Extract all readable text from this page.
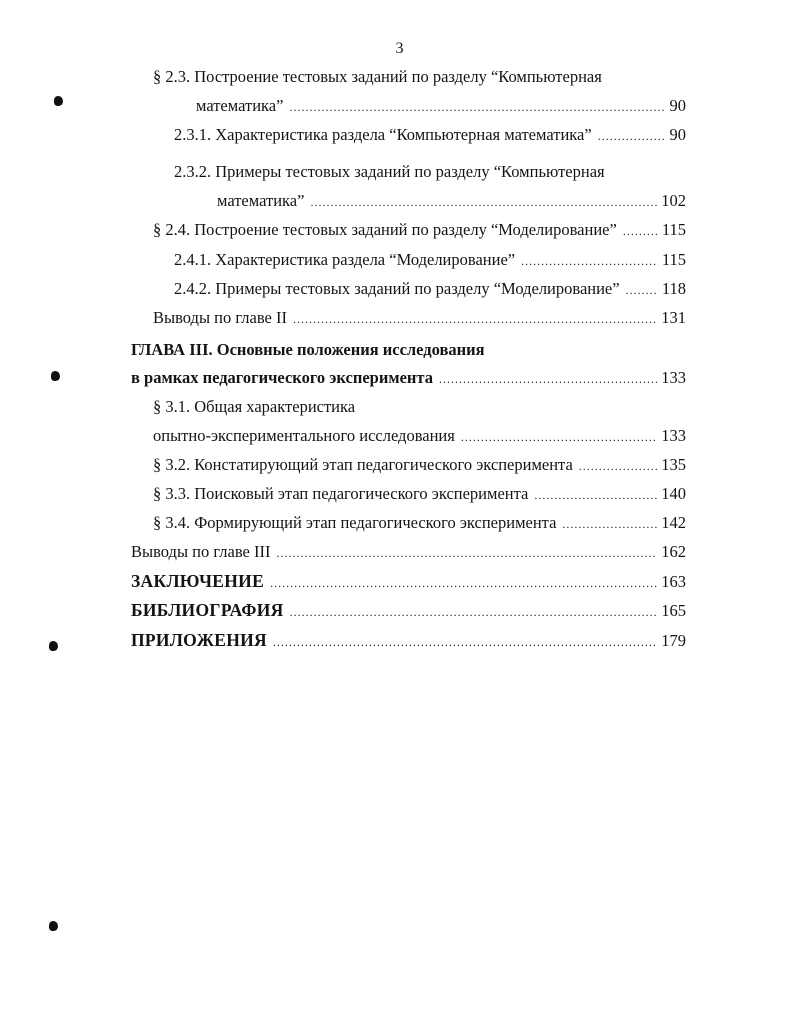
3
§ 2.3. Построение тестовых заданий по разделу “Компьютерная
математика” .....	90
2.3.1. Характеристика раздела “Компьютерная математика” .....	90
2.3.2. Примеры тестовых заданий по разделу “Компьютерная
математика” .....	102
§ 2.4. Построение тестовых заданий по разделу “Моделирование” .....	115
2.4.1. Характеристика раздела “Моделирование” .....	115
2.4.2. Примеры тестовых заданий по разделу “Моделирование” .....	118
Выводы по главе II .....	131
ГЛАВА III. Основные положения исследования
в рамках педагогического эксперимента .....	133
§ 3.1. Общая характеристика
опытно-экспериментального исследования .....	133
§ 3.2. Констатирующий этап педагогического эксперимента .....	135
§ 3.3. Поисковый этап педагогического эксперимента .....	140
§ 3.4. Формирующий этап педагогического эксперимента .....	142
Выводы по главе III .....	162
ЗАКЛЮЧЕНИЕ .....	163
БИБЛИОГРАФИЯ .....	165
ПРИЛОЖЕНИЯ .....	179
